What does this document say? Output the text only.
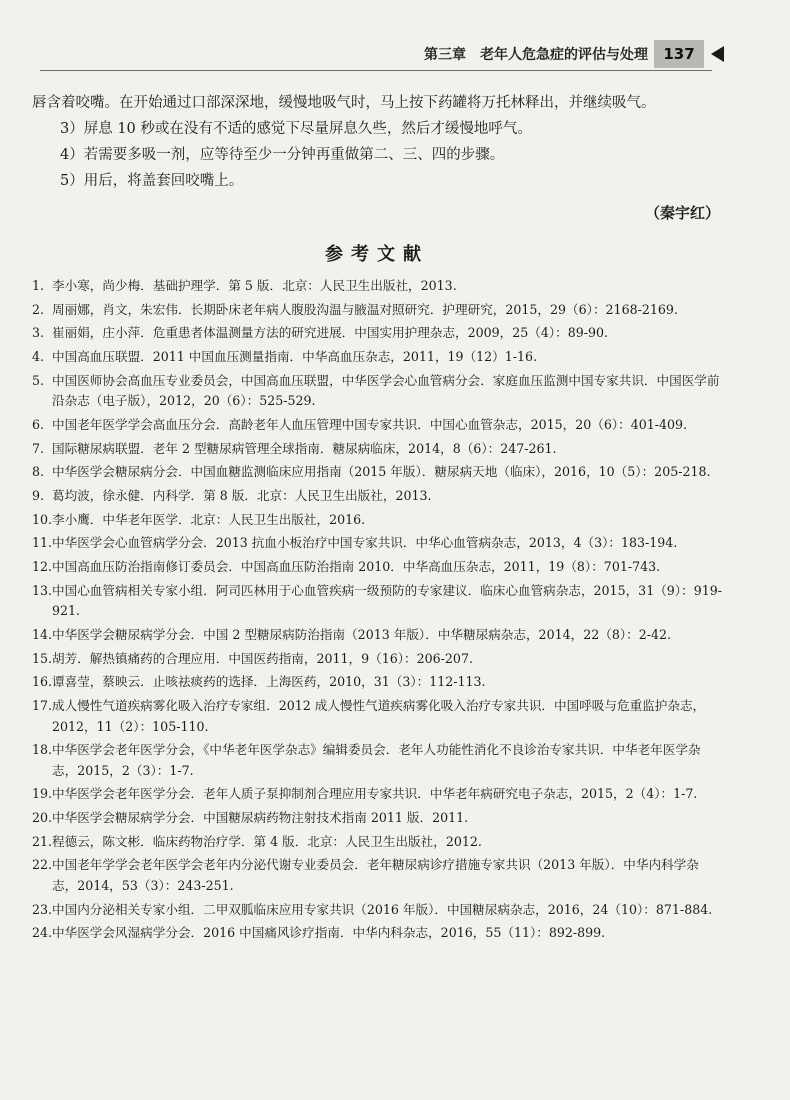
第三章　老年人危急症的评估与处理	137

唇含着咬嘴。在开始通过口部深深地，缓慢地吸气时，马上按下药罐将万托林释出，并继续吸气。

3）屏息 10 秒或在没有不适的感觉下尽量屏息久些，然后才缓慢地呼气。

4）若需要多吸一剂，应等待至少一分钟再重做第二、三、四的步骤。

5）用后，将盖套回咬嘴上。

（秦宇红）

参考文献
1. 李小寒，尚少梅．基础护理学．第 5 版．北京：人民卫生出版社，2013.
2. 周丽娜，肖文，朱宏伟．长期卧床老年病人腹股沟温与腋温对照研究．护理研究，2015，29（6）：2168-2169.
3. 崔丽娟，庄小萍．危重患者体温测量方法的研究进展．中国实用护理杂志，2009，25（4）：89-90.
4. 中国高血压联盟．2011 中国血压测量指南．中华高血压杂志，2011，19（12）1-16.
5. 中国医师协会高血压专业委员会，中国高血压联盟，中华医学会心血管病分会．家庭血压监测中国专家共识．中国医学前沿杂志（电子版），2012，20（6）：525-529.
6. 中国老年医学学会高血压分会．高龄老年人血压管理中国专家共识．中国心血管杂志，2015，20（6）：401-409.
7. 国际糖尿病联盟．老年 2 型糖尿病管理全球指南．糖尿病临床，2014，8（6）：247-261.
8. 中华医学会糖尿病分会．中国血糖监测临床应用指南（2015 年版）．糖尿病天地（临床），2016，10（5）：205-218.
9. 葛均波，徐永健．内科学．第 8 版．北京：人民卫生出版社，2013.
10. 李小鹰．中华老年医学．北京：人民卫生出版社，2016.
11. 中华医学会心血管病学分会．2013 抗血小板治疗中国专家共识．中华心血管病杂志，2013，4（3）：183-194.
12. 中国高血压防治指南修订委员会．中国高血压防治指南 2010．中华高血压杂志，2011，19（8）：701-743.
13. 中国心血管病相关专家小组．阿司匹林用于心血管疾病一级预防的专家建议．临床心血管病杂志，2015，31（9）：919-921.
14. 中华医学会糖尿病学分会．中国 2 型糖尿病防治指南（2013 年版）．中华糖尿病杂志，2014，22（8）：2-42.
15. 胡芳．解热镇痛药的合理应用．中国医药指南，2011，9（16）：206-207.
16. 谭喜莹，蔡映云．止咳祛痰药的选择．上海医药，2010，31（3）：112-113.
17. 成人慢性气道疾病雾化吸入治疗专家组．2012 成人慢性气道疾病雾化吸入治疗专家共识．中国呼吸与危重监护杂志，2012，11（2）：105-110.
18. 中华医学会老年医学分会，《中华老年医学杂志》编辑委员会．老年人功能性消化不良诊治专家共识．中华老年医学杂志，2015，2（3）：1-7.
19. 中华医学会老年医学分会．老年人质子泵抑制剂合理应用专家共识．中华老年病研究电子杂志，2015，2（4）：1-7.
20. 中华医学会糖尿病学分会．中国糖尿病药物注射技术指南 2011 版．2011.
21. 程德云，陈文彬．临床药物治疗学．第 4 版．北京：人民卫生出版社，2012.
22. 中国老年学学会老年医学会老年内分泌代谢专业委员会．老年糖尿病诊疗措施专家共识（2013 年版）．中华内科学杂志，2014，53（3）：243-251.
23. 中国内分泌相关专家小组．二甲双胍临床应用专家共识（2016 年版）．中国糖尿病杂志，2016，24（10）：871-884.
24. 中华医学会风湿病学分会．2016 中国痛风诊疗指南．中华内科杂志，2016，55（11）：892-899.
